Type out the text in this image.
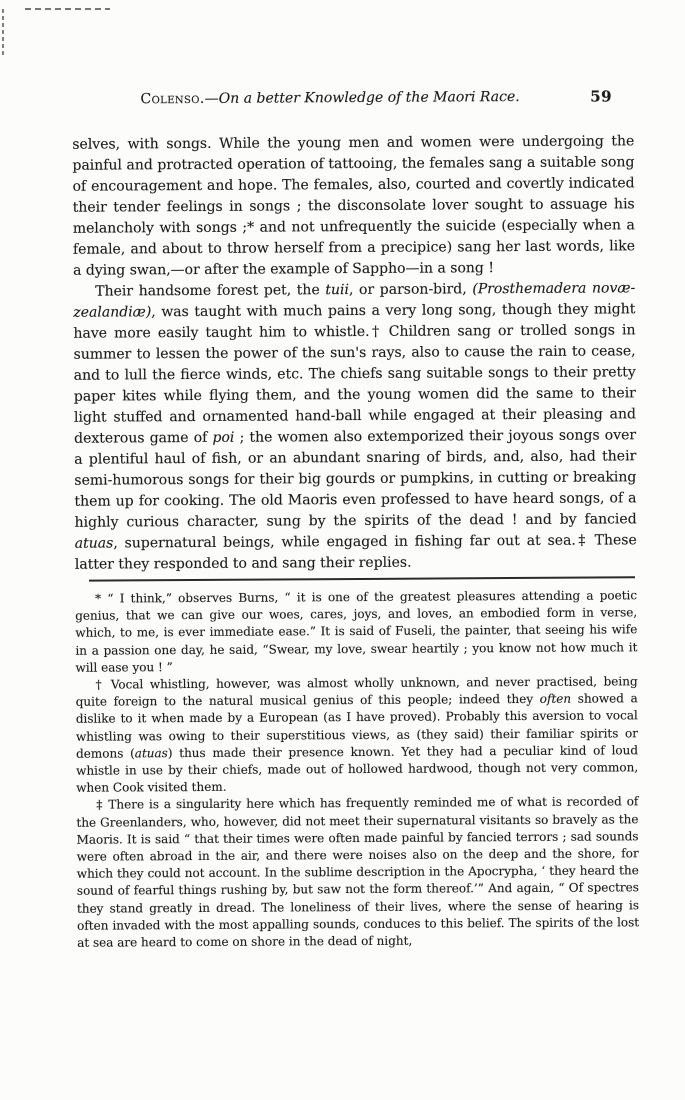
Colenso.—On a better Knowledge of the Maori Race.	59

selves, with songs. While the young men and women were undergoing the painful and protracted operation of tattooing, the females sang a suitable song of encouragement and hope. The females, also, courted and covertly indicated their tender feelings in songs ; the disconsolate lover sought to assuage his melancholy with songs ;* and not unfrequently the suicide (especially when a female, and about to throw herself from a precipice) sang her last words, like a dying swan,—or after the example of Sappho—in a song !

Their handsome forest pet, the tuii, or parson-bird, (Prosthemadera novæ-zealandiæ), was taught with much pains a very long song, though they might have more easily taught him to whistle.† Children sang or trolled songs in summer to lessen the power of the sun's rays, also to cause the rain to cease, and to lull the fierce winds, etc. The chiefs sang suitable songs to their pretty paper kites while flying them, and the young women did the same to their light stuffed and ornamented hand-ball while engaged at their pleasing and dexterous game of poi ; the women also extemporized their joyous songs over a plentiful haul of fish, or an abundant snaring of birds, and, also, had their semi-humorous songs for their big gourds or pumpkins, in cutting or breaking them up for cooking. The old Maoris even professed to have heard songs, of a highly curious character, sung by the spirits of the dead ! and by fancied atuas, supernatural beings, while engaged in fishing far out at sea.‡ These latter they responded to and sang their replies.

* “ I think,” observes Burns, “ it is one of the greatest pleasures attending a poetic genius, that we can give our woes, cares, joys, and loves, an embodied form in verse, which, to me, is ever immediate ease.” It is said of Fuseli, the painter, that seeing his wife in a passion one day, he said, “Swear, my love, swear heartily ; you know not how much it will ease you ! ”

† Vocal whistling, however, was almost wholly unknown, and never practised, being quite foreign to the natural musical genius of this people; indeed they often showed a dislike to it when made by a European (as I have proved). Probably this aversion to vocal whistling was owing to their superstitious views, as (they said) their familiar spirits or demons (atuas) thus made their presence known. Yet they had a peculiar kind of loud whistle in use by their chiefs, made out of hollowed hardwood, though not very common, when Cook visited them.

‡ There is a singularity here which has frequently reminded me of what is recorded of the Greenlanders, who, however, did not meet their supernatural visitants so bravely as the Maoris. It is said “ that their times were often made painful by fancied terrors ; sad sounds were often abroad in the air, and there were noises also on the deep and the shore, for which they could not account. In the sublime description in the Apocrypha, ‘ they heard the sound of fearful things rushing by, but saw not the form thereof.’” And again, “ Of spectres they stand greatly in dread. The loneliness of their lives, where the sense of hearing is often invaded with the most appalling sounds, conduces to this belief. The spirits of the lost at sea are heard to come on shore in the dead of night,
